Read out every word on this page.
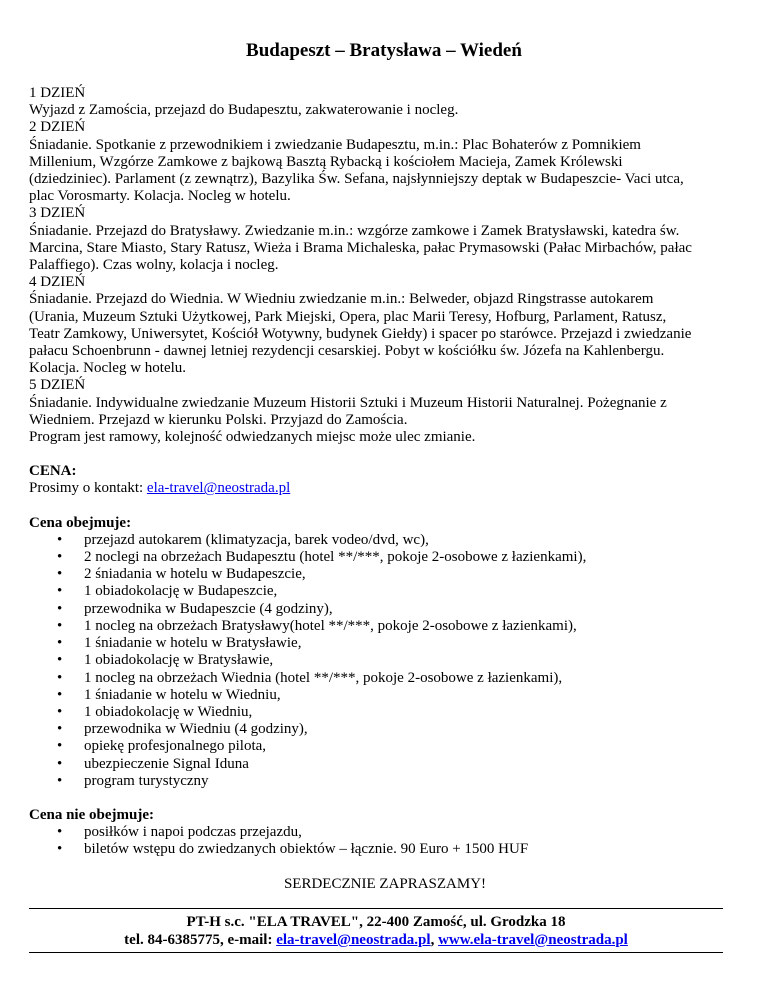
Budapeszt – Bratysława – Wiedeń

1 DZIEŃ

Wyjazd z Zamościa, przejazd do Budapesztu, zakwaterowanie i nocleg.

2 DZIEŃ

Śniadanie. Spotkanie z przewodnikiem i zwiedzanie Budapesztu, m.in.: Plac Bohaterów z Pomnikiem

Millenium, Wzgórze Zamkowe z bajkową Basztą Rybacką i kościołem Macieja, Zamek Królewski

(dziedziniec). Parlament (z zewnątrz), Bazylika Św. Sefana, najsłynniejszy deptak w Budapeszcie- Vaci utca,

plac Vorosmarty. Kolacja. Nocleg w hotelu.

3 DZIEŃ

Śniadanie. Przejazd do Bratysławy. Zwiedzanie m.in.: wzgórze zamkowe i Zamek Bratysławski, katedra św.

Marcina, Stare Miasto, Stary Ratusz, Wieża i Brama Michaleska, pałac Prymasowski (Pałac Mirbachów, pałac

Palaffiego). Czas wolny, kolacja i nocleg.

4 DZIEŃ

Śniadanie. Przejazd do Wiednia. W Wiedniu zwiedzanie m.in.: Belweder, objazd Ringstrasse autokarem

(Urania, Muzeum Sztuki Użytkowej, Park Miejski, Opera, plac Marii Teresy, Hofburg, Parlament, Ratusz,

Teatr Zamkowy, Uniwersytet, Kościół Wotywny, budynek Giełdy) i spacer po starówce. Przejazd i zwiedzanie

pałacu Schoenbrunn - dawnej letniej rezydencji cesarskiej. Pobyt w kościółku św. Józefa na Kahlenbergu.

Kolacja. Nocleg w hotelu.

5 DZIEŃ

Śniadanie. Indywidualne zwiedzanie Muzeum Historii Sztuki i Muzeum Historii Naturalnej. Pożegnanie z

Wiedniem. Przejazd w kierunku Polski. Przyjazd do Zamościa.

Program jest ramowy, kolejność odwiedzanych miejsc może ulec zmianie.

CENA:

Prosimy o kontakt: ela-travel@neostrada.pl

Cena obejmuje:

• przejazd autokarem (klimatyzacja, barek vodeo/dvd, wc),
• 2 noclegi na obrzeżach Budapesztu (hotel **/***, pokoje 2-osobowe z łazienkami),
• 2 śniadania w hotelu w Budapeszcie,
• 1 obiadokolację w Budapeszcie,
• przewodnika w Budapeszcie (4 godziny),
• 1 nocleg na obrzeżach Bratysławy(hotel **/***, pokoje 2-osobowe z łazienkami),
• 1 śniadanie w hotelu w Bratysławie,
• 1 obiadokolację w Bratysławie,
• 1 nocleg na obrzeżach Wiednia (hotel **/***, pokoje 2-osobowe z łazienkami),
• 1 śniadanie w hotelu w Wiedniu,
• 1 obiadokolację w Wiedniu,
• przewodnika w Wiedniu (4 godziny),
• opiekę profesjonalnego pilota,
• ubezpieczenie Signal Iduna
• program turystyczny

Cena nie obejmuje:

• posiłków i napoi podczas przejazdu,
• biletów wstępu do zwiedzanych obiektów – łącznie. 90 Euro + 1500 HUF

SERDECZNIE ZAPRASZAMY!

PT-H s.c. "ELA TRAVEL", 22-400 Zamość, ul. Grodzka 18
tel. 84-6385775, e-mail: ela-travel@neostrada.pl, www.ela-travel@neostrada.pl
